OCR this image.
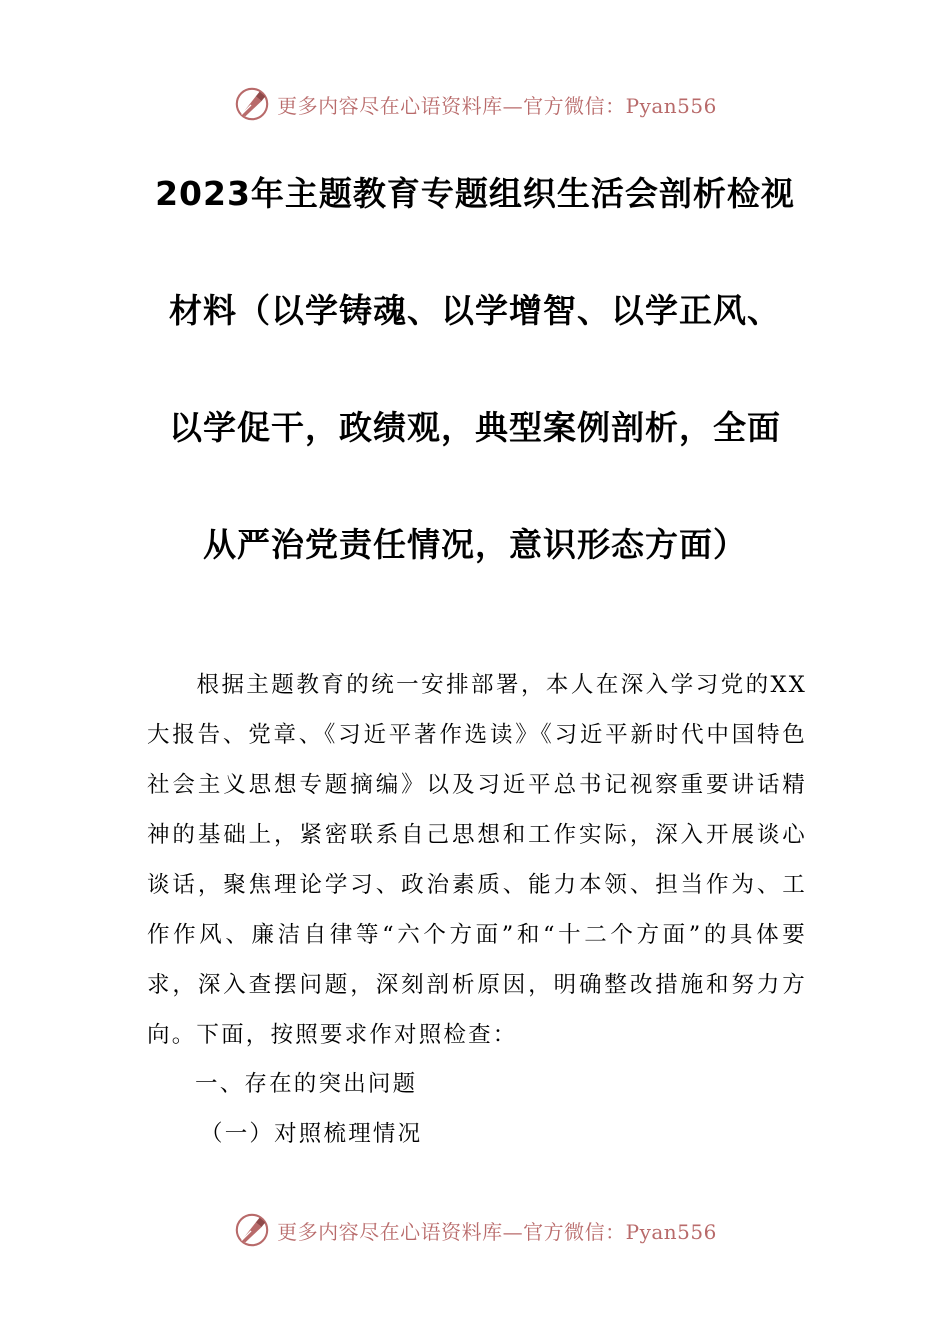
更多内容尽在心语资料库—官方微信：Pyan556
2023年主题教育专题组织生活会剖析检视
材料（以学铸魂、以学增智、以学正风、
以学促干，政绩观，典型案例剖析，全面
从严治党责任情况，意识形态方面）

根据主题教育的统一安排部署，本人在深入学习党的XX大报告、党章、《习近平著作选读》《习近平新时代中国特色社会主义思想专题摘编》以及习近平总书记视察重要讲话精神的基础上，紧密联系自己思想和工作实际，深入开展谈心谈话，聚焦理论学习、政治素质、能力本领、担当作为、工作作风、廉洁自律等“六个方面”和“十二个方面”的具体要求，深入查摆问题，深刻剖析原因，明确整改措施和努力方向。下面，按照要求作对照检查：

一、存在的突出问题
（一）对照梳理情况
更多内容尽在心语资料库—官方微信：Pyan556
